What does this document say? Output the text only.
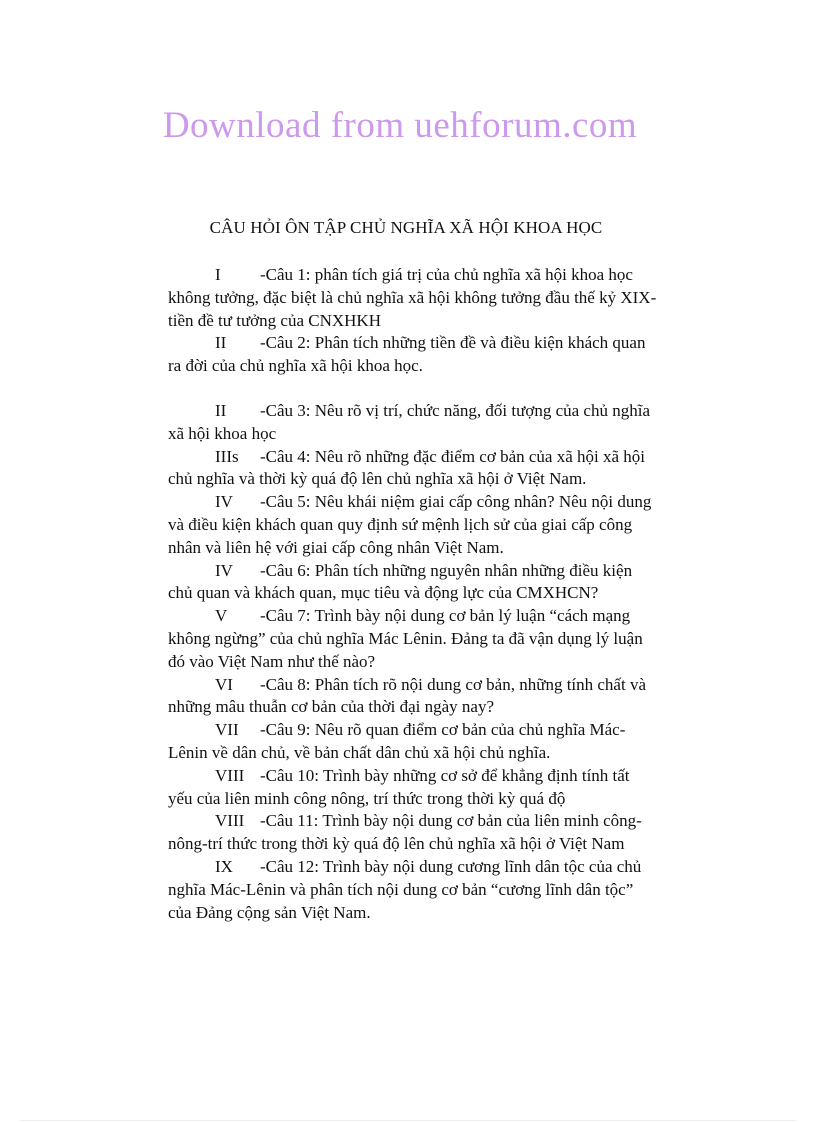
Download from uehforum.com
CÂU HỎI ÔN TẬP CHỦ NGHĨA XÃ HỘI KHOA HỌC

I -Câu 1: phân tích giá trị của chủ nghĩa xã hội khoa học không tưởng, đặc biệt là chủ nghĩa xã hội không tưởng đầu thế kỷ XIX- tiền đề tư tưởng của CNXHKH

II -Câu 2: Phân tích những tiền đề và điều kiện khách quan ra đời của chủ nghĩa xã hội khoa học.

II -Câu 3: Nêu rõ vị trí, chức năng, đối tượng của chủ nghĩa xã hội khoa học

IIIs -Câu 4: Nêu rõ những đặc điểm cơ bản của xã hội xã hội chủ nghĩa và thời kỳ quá độ lên chủ nghĩa xã hội ở Việt Nam.

IV -Câu 5: Nêu khái niệm giai cấp công nhân? Nêu nội dung và điều kiện khách quan quy định sứ mệnh lịch sử của giai cấp công nhân và liên hệ với giai cấp công nhân Việt Nam.

IV -Câu 6: Phân tích những nguyên nhân những điều kiện chủ quan và khách quan, mục tiêu và động lực của CMXHCN?

V -Câu 7: Trình bày nội dung cơ bản lý luận “cách mạng không ngừng” của chủ nghĩa Mác Lênin. Đảng ta đã vận dụng lý luận đó vào Việt Nam như thế nào?

VI -Câu 8: Phân tích rõ nội dung cơ bản, những tính chất và những mâu thuẫn cơ bản của thời đại ngày nay?

VII -Câu 9: Nêu rõ quan điểm cơ bản của chủ nghĩa Mác-Lênin về dân chủ, về bản chất dân chủ xã hội chủ nghĩa.

VIII -Câu 10: Trình bày những cơ sở để khẳng định tính tất yếu của liên minh công nông, trí thức trong thời kỳ quá độ

VIII -Câu 11: Trình bày nội dung cơ bản của liên minh công-nông-trí thức trong thời kỳ quá độ lên chủ nghĩa xã hội ở Việt Nam

IX -Câu 12: Trình bày nội dung cương lĩnh dân tộc của chủ nghĩa Mác-Lênin và phân tích nội dung cơ bản “cương lĩnh dân tộc” của Đảng cộng sản Việt Nam.
